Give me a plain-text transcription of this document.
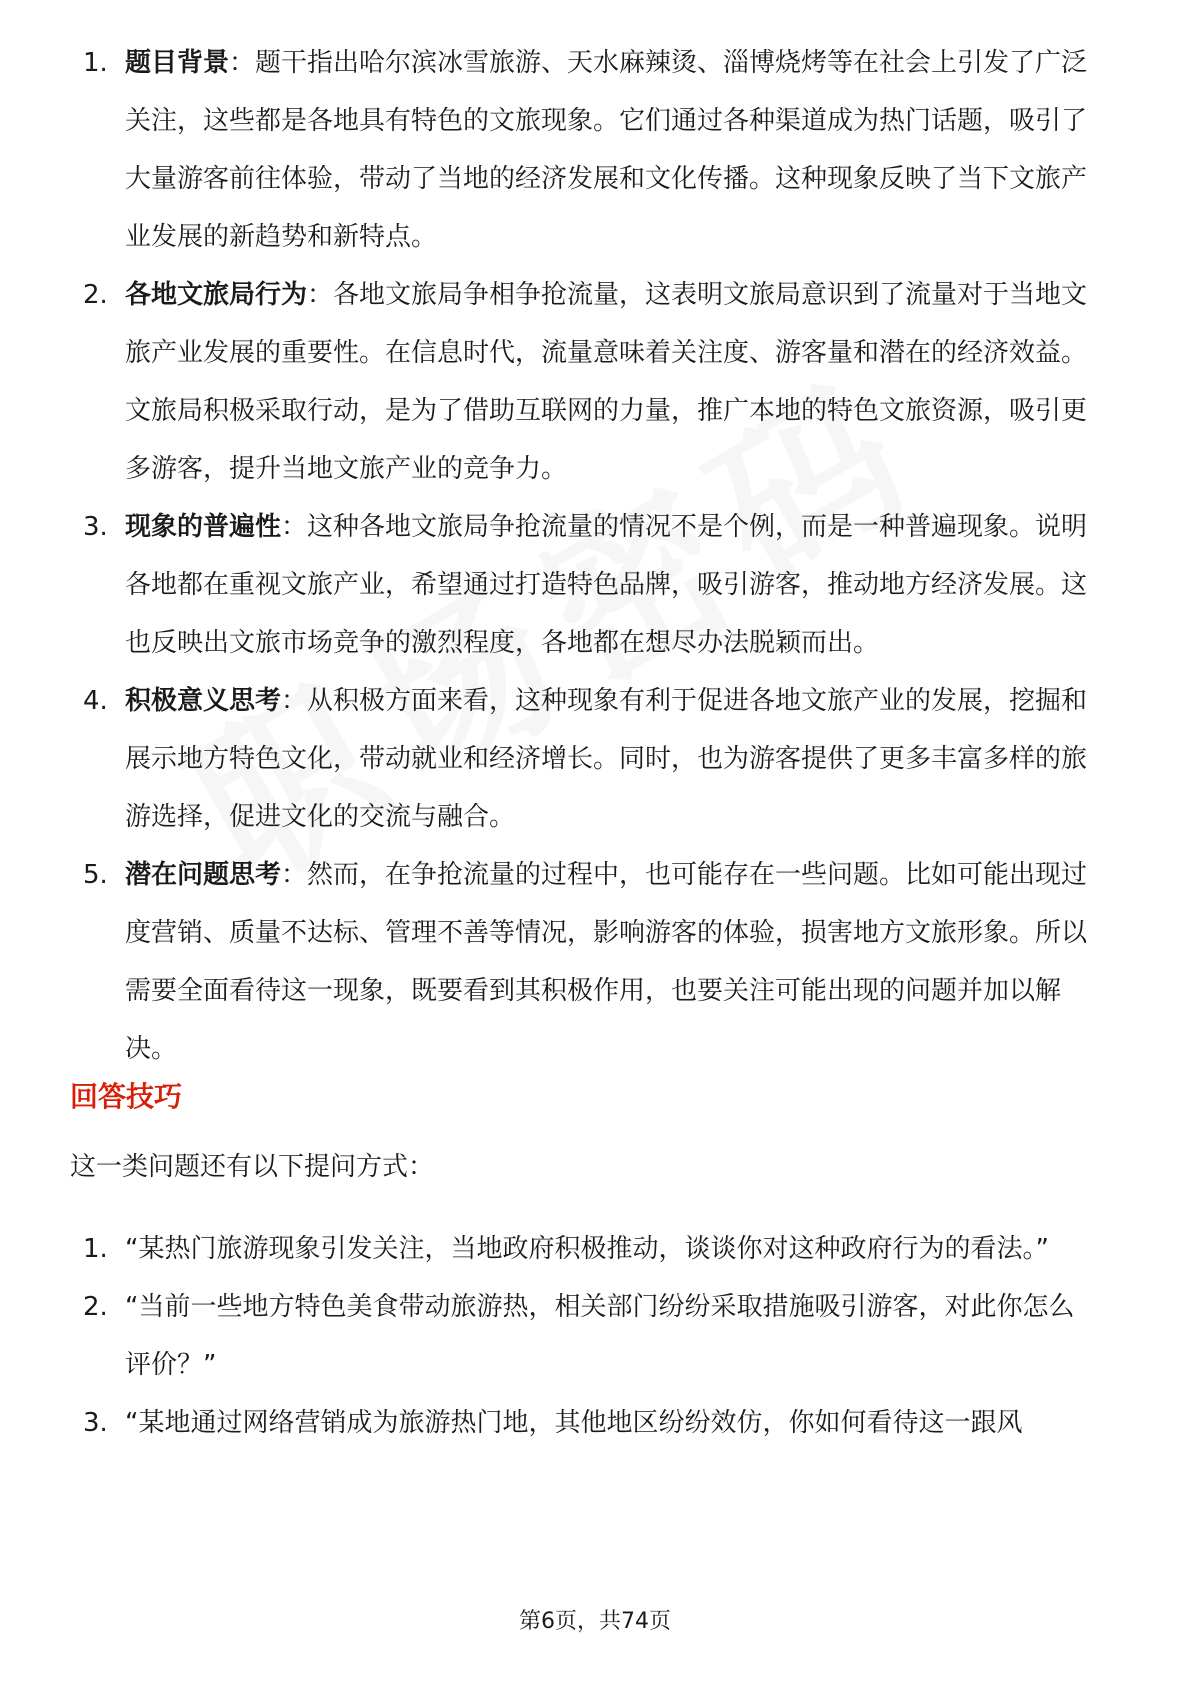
1. 题目背景：题干指出哈尔滨冰雪旅游、天水麻辣烫、淄博烧烤等在社会上引发了广泛关注，这些都是各地具有特色的文旅现象。它们通过各种渠道成为热门话题，吸引了大量游客前往体验，带动了当地的经济发展和文化传播。这种现象反映了当下文旅产业发展的新趋势和新特点。
2. 各地文旅局行为：各地文旅局争相争抢流量，这表明文旅局意识到了流量对于当地文旅产业发展的重要性。在信息时代，流量意味着关注度、游客量和潜在的经济效益。文旅局积极采取行动，是为了借助互联网的力量，推广本地的特色文旅资源，吸引更多游客，提升当地文旅产业的竞争力。
3. 现象的普遍性：这种各地文旅局争抢流量的情况不是个例，而是一种普遍现象。说明各地都在重视文旅产业，希望通过打造特色品牌，吸引游客，推动地方经济发展。这也反映出文旅市场竞争的激烈程度，各地都在想尽办法脱颖而出。
4. 积极意义思考：从积极方面来看，这种现象有利于促进各地文旅产业的发展，挖掘和展示地方特色文化，带动就业和经济增长。同时，也为游客提供了更多丰富多样的旅游选择，促进文化的交流与融合。
5. 潜在问题思考：然而，在争抢流量的过程中，也可能存在一些问题。比如可能出现过度营销、质量不达标、管理不善等情况，影响游客的体验，损害地方文旅形象。所以需要全面看待这一现象，既要看到其积极作用，也要关注可能出现的问题并加以解决。
回答技巧
这一类问题还有以下提问方式：
1. “某热门旅游现象引发关注，当地政府积极推动，谈谈你对这种政府行为的看法。”
2. “当前一些地方特色美食带动旅游热，相关部门纷纷采取措施吸引游客，对此你怎么评价？”
3. “某地通过网络营销成为旅游热门地，其他地区纷纷效仿，你如何看待这一跟风
第6页，共74页
